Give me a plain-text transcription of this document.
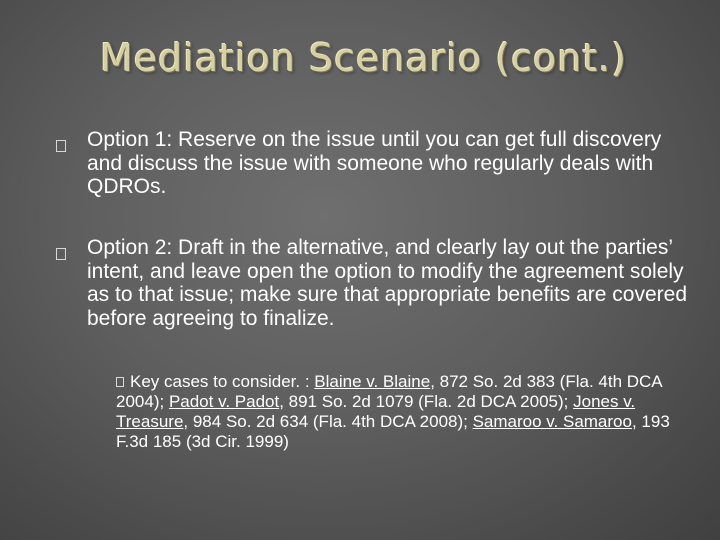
Mediation Scenario (cont.)
Option 1: Reserve on the issue until you can get full discovery and discuss the issue with someone who regularly deals with QDROs.
Option 2: Draft in the alternative, and clearly lay out the parties’ intent, and leave open the option to modify the agreement solely as to that issue; make sure that appropriate benefits are covered before agreeing to finalize.
Key cases to consider. : Blaine v. Blaine, 872 So. 2d 383 (Fla. 4th DCA 2004); Padot v. Padot, 891 So. 2d 1079 (Fla. 2d DCA 2005); Jones v. Treasure, 984 So. 2d 634 (Fla. 4th DCA 2008); Samaroo v. Samaroo, 193 F.3d 185 (3d Cir. 1999)
